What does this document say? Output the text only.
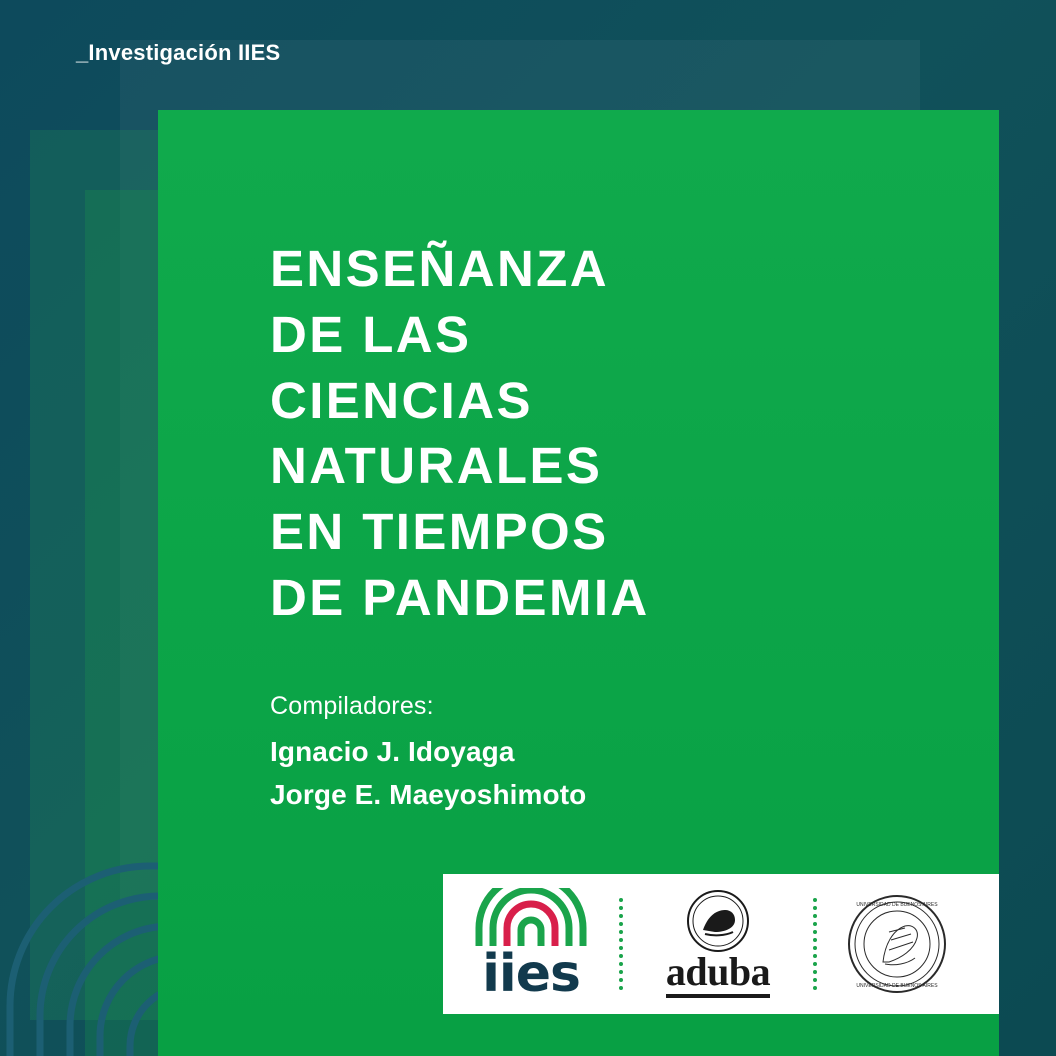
_Investigación IIES
ENSEÑANZA
DE LAS
CIENCIAS
NATURALES
EN TIEMPOS
DE PANDEMIA
Compiladores:
Ignacio J. Idoyaga
Jorge E. Maeyoshimoto
iies aduba
UNIVERSIDAD DE BUENOS AIRES
UNIVERSIDAD DE BUENOS AIRES
